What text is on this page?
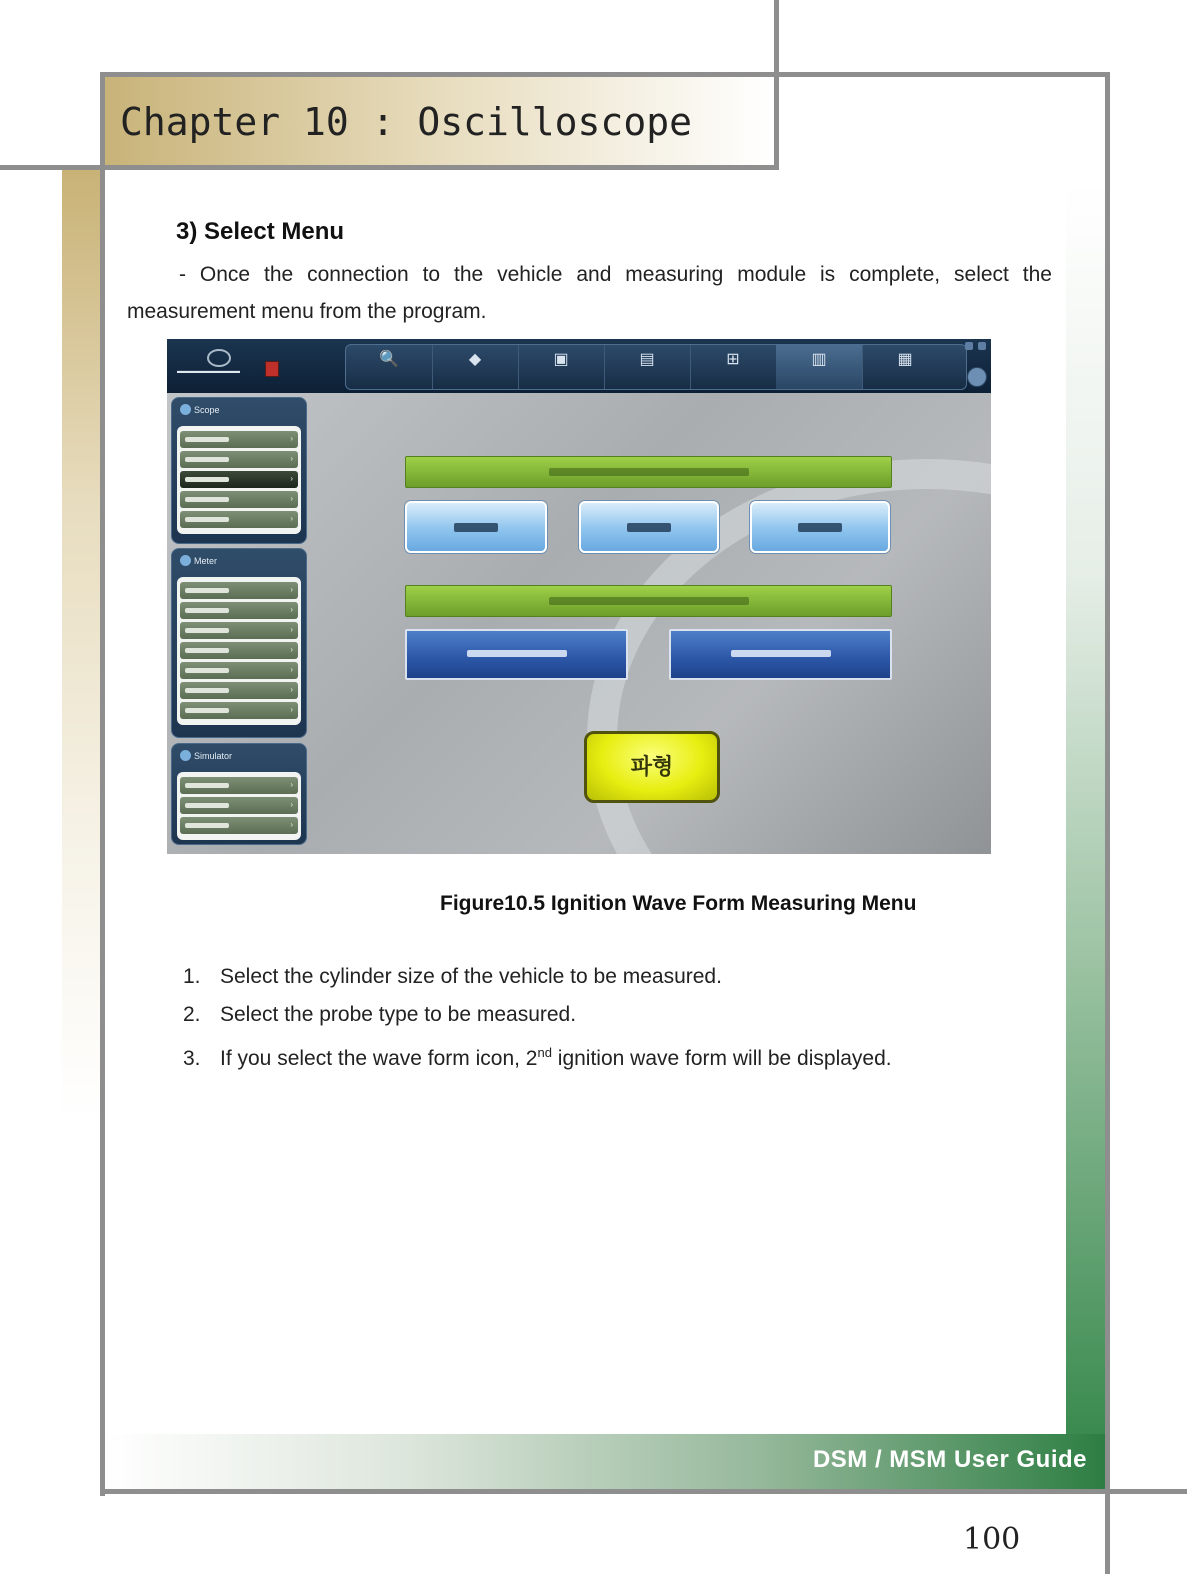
Chapter 10 : Oscilloscope
3) Select Menu
- Once the connection to the vehicle and measuring module is complete, select the measurement menu from the program.
▬▬▬▬▬▬▬▬▬
🔍	◆	▣	▤	⊞	▥	▦
Scope
›
›
›
›
›
Meter
›
›
›
›
›
›
›
Simulator
›
›
›
파형
Figure10.5 Ignition Wave Form Measuring Menu
1. Select the cylinder size of the vehicle to be measured.
2. Select the probe type to be measured.
3. If you select the wave form icon, 2nd ignition wave form will be displayed.
DSM / MSM User Guide
100
